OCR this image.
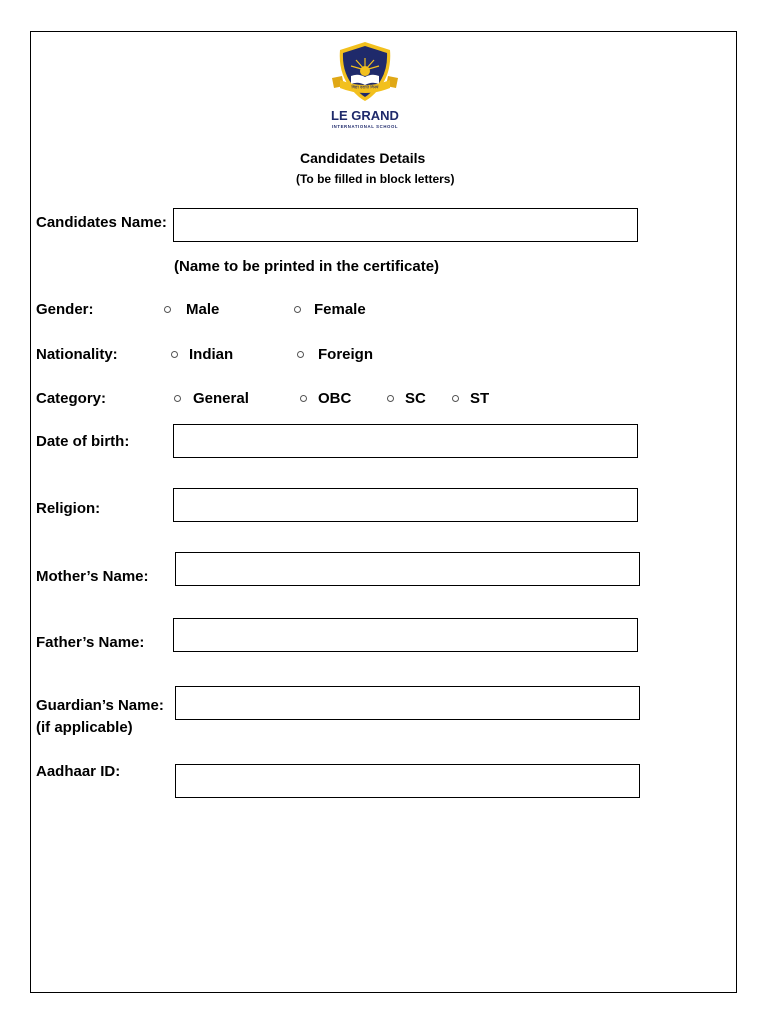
विद्या ददाति विनयं
LE GRAND
INTERNATIONAL SCHOOL
Candidates Details
(To be filled in block letters)
Candidates Name:
(Name to be printed in the certificate)
Gender:	Male	Female
Nationality:	Indian	Foreign
Category:	General	OBC	SC	ST
Date of birth:
Religion:
Mother’s Name:
Father’s Name:
Guardian’s Name:
(if applicable)
Aadhaar ID:
